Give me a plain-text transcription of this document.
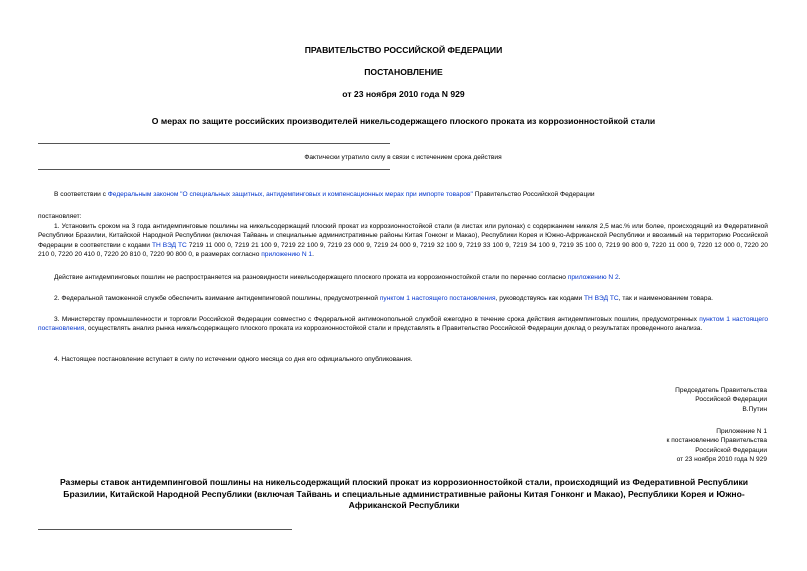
ПРАВИТЕЛЬСТВО РОССИЙСКОЙ ФЕДЕРАЦИИ
ПОСТАНОВЛЕНИЕ
от 23 ноября 2010 года N 929
О мерах по защите российских производителей никельсодержащего плоского проката из коррозионностойкой стали
Фактически утратило силу в связи с истечением срока действия
В соответствии с Федеральным законом "О специальных защитных, антидемпинговых и компенсационных мерах при импорте товаров" Правительство Российской Федерации
постановляет:
1. Установить сроком на 3 года антидемпинговые пошлины на никельсодержащий плоский прокат из коррозионностойкой стали (в листах или рулонах) с содержанием никеля 2,5 мас.% или более, происходящий из Федеративной Республики Бразилии, Китайской Народной Республики (включая Тайвань и специальные административные районы Китая Гонконг и Макао), Республики Корея и Южно-Африканской Республики и ввозимый на территорию Российской Федерации в соответствии с кодами ТН ВЭД ТС 7219 11 000 0, 7219 21 100 9, 7219 22 100 9, 7219 23 000 9, 7219 24 000 9, 7219 32 100 9, 7219 33 100 9, 7219 34 100 9, 7219 35 100 0, 7219 90 800 9, 7220 11 000 9, 7220 12 000 0, 7220 20 210 0, 7220 20 410 0, 7220 20 810 0, 7220 90 800 0, в размерах согласно приложению N 1.
Действие антидемпинговых пошлин не распространяется на разновидности никельсодержащего плоского проката из коррозионностойкой стали по перечню согласно приложению N 2.
2. Федеральной таможенной службе обеспечить взимание антидемпинговой пошлины, предусмотренной пунктом 1 настоящего постановления, руководствуясь как кодами ТН ВЭД ТС, так и наименованием товара.
3. Министерству промышленности и торговли Российской Федерации совместно с Федеральной антимонопольной службой ежегодно в течение срока действия антидемпинговых пошлин, предусмотренных пунктом 1 настоящего постановления, осуществлять анализ рынка никельсодержащего плоского проката из коррозионностойкой стали и представлять в Правительство Российской Федерации доклад о результатах проведенного анализа.
4. Настоящее постановление вступает в силу по истечении одного месяца со дня его официального опубликования.
Председатель Правительства
Российской Федерации
В.Путин
Приложение N 1
к постановлению Правительства
Российской Федерации
от 23 ноября 2010 года N 929
Размеры ставок антидемпинговой пошлины на никельсодержащий плоский прокат из коррозионностойкой стали, происходящий из Федеративной Республики Бразилии, Китайской Народной Республики (включая Тайвань и специальные административные районы Китая Гонконг и Макао), Республики Корея и Южно-Африканской Республики
